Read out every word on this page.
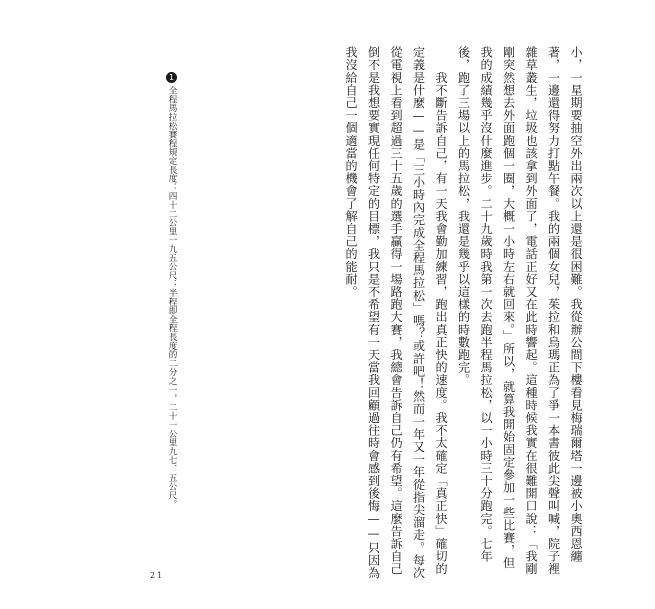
小，一星期要抽空外出兩次以上還是很困難。我從辦公間下樓看見梅瑞爾塔一邊被小奧西恩纏
著，一邊還得努力打點午餐。我的兩個女兒，茱拉和烏瑪正為了爭一本書彼此尖聲叫喊，院子裡
雜草叢生，垃圾也該拿到外面了，電話正好又在此時響起。這種時候我實在很難開口說：「我剛
剛突然想去外面跑個一圈，大概一小時左右就回來。」所以，就算我開始固定參加一些比賽，但
我的成績幾乎沒什麼進步。二十九歲時我第一次去跑半程馬拉松，以一小時三十分跑完。七年
後，跑了三場以上的馬拉松，我還是幾乎以這樣的時數跑完。
　　我不斷告訴自己，有一天我會勤加練習，跑出真正快的速度。我不太確定「真正快」確切的
定義是什麼——是「三小時內完成全程馬拉松」嗎？或許吧！然而一年又一年從指尖溜走。每次
從電視上看到超過三十五歲的選手贏得一場路跑大賽，我總會告訴自己仍有希望。這麼告訴自己
倒不是我想要實現任何特定的目標，我只是不希望有一天當我回顧過往時會感到後悔——只因為
我沒給自己一個適當的機會了解自己的能耐。
1
全程馬拉松賽程規定長度：四十二公里一九五公尺；半程即全程長度的二分之一，二十一公里九七．五公尺。
21
